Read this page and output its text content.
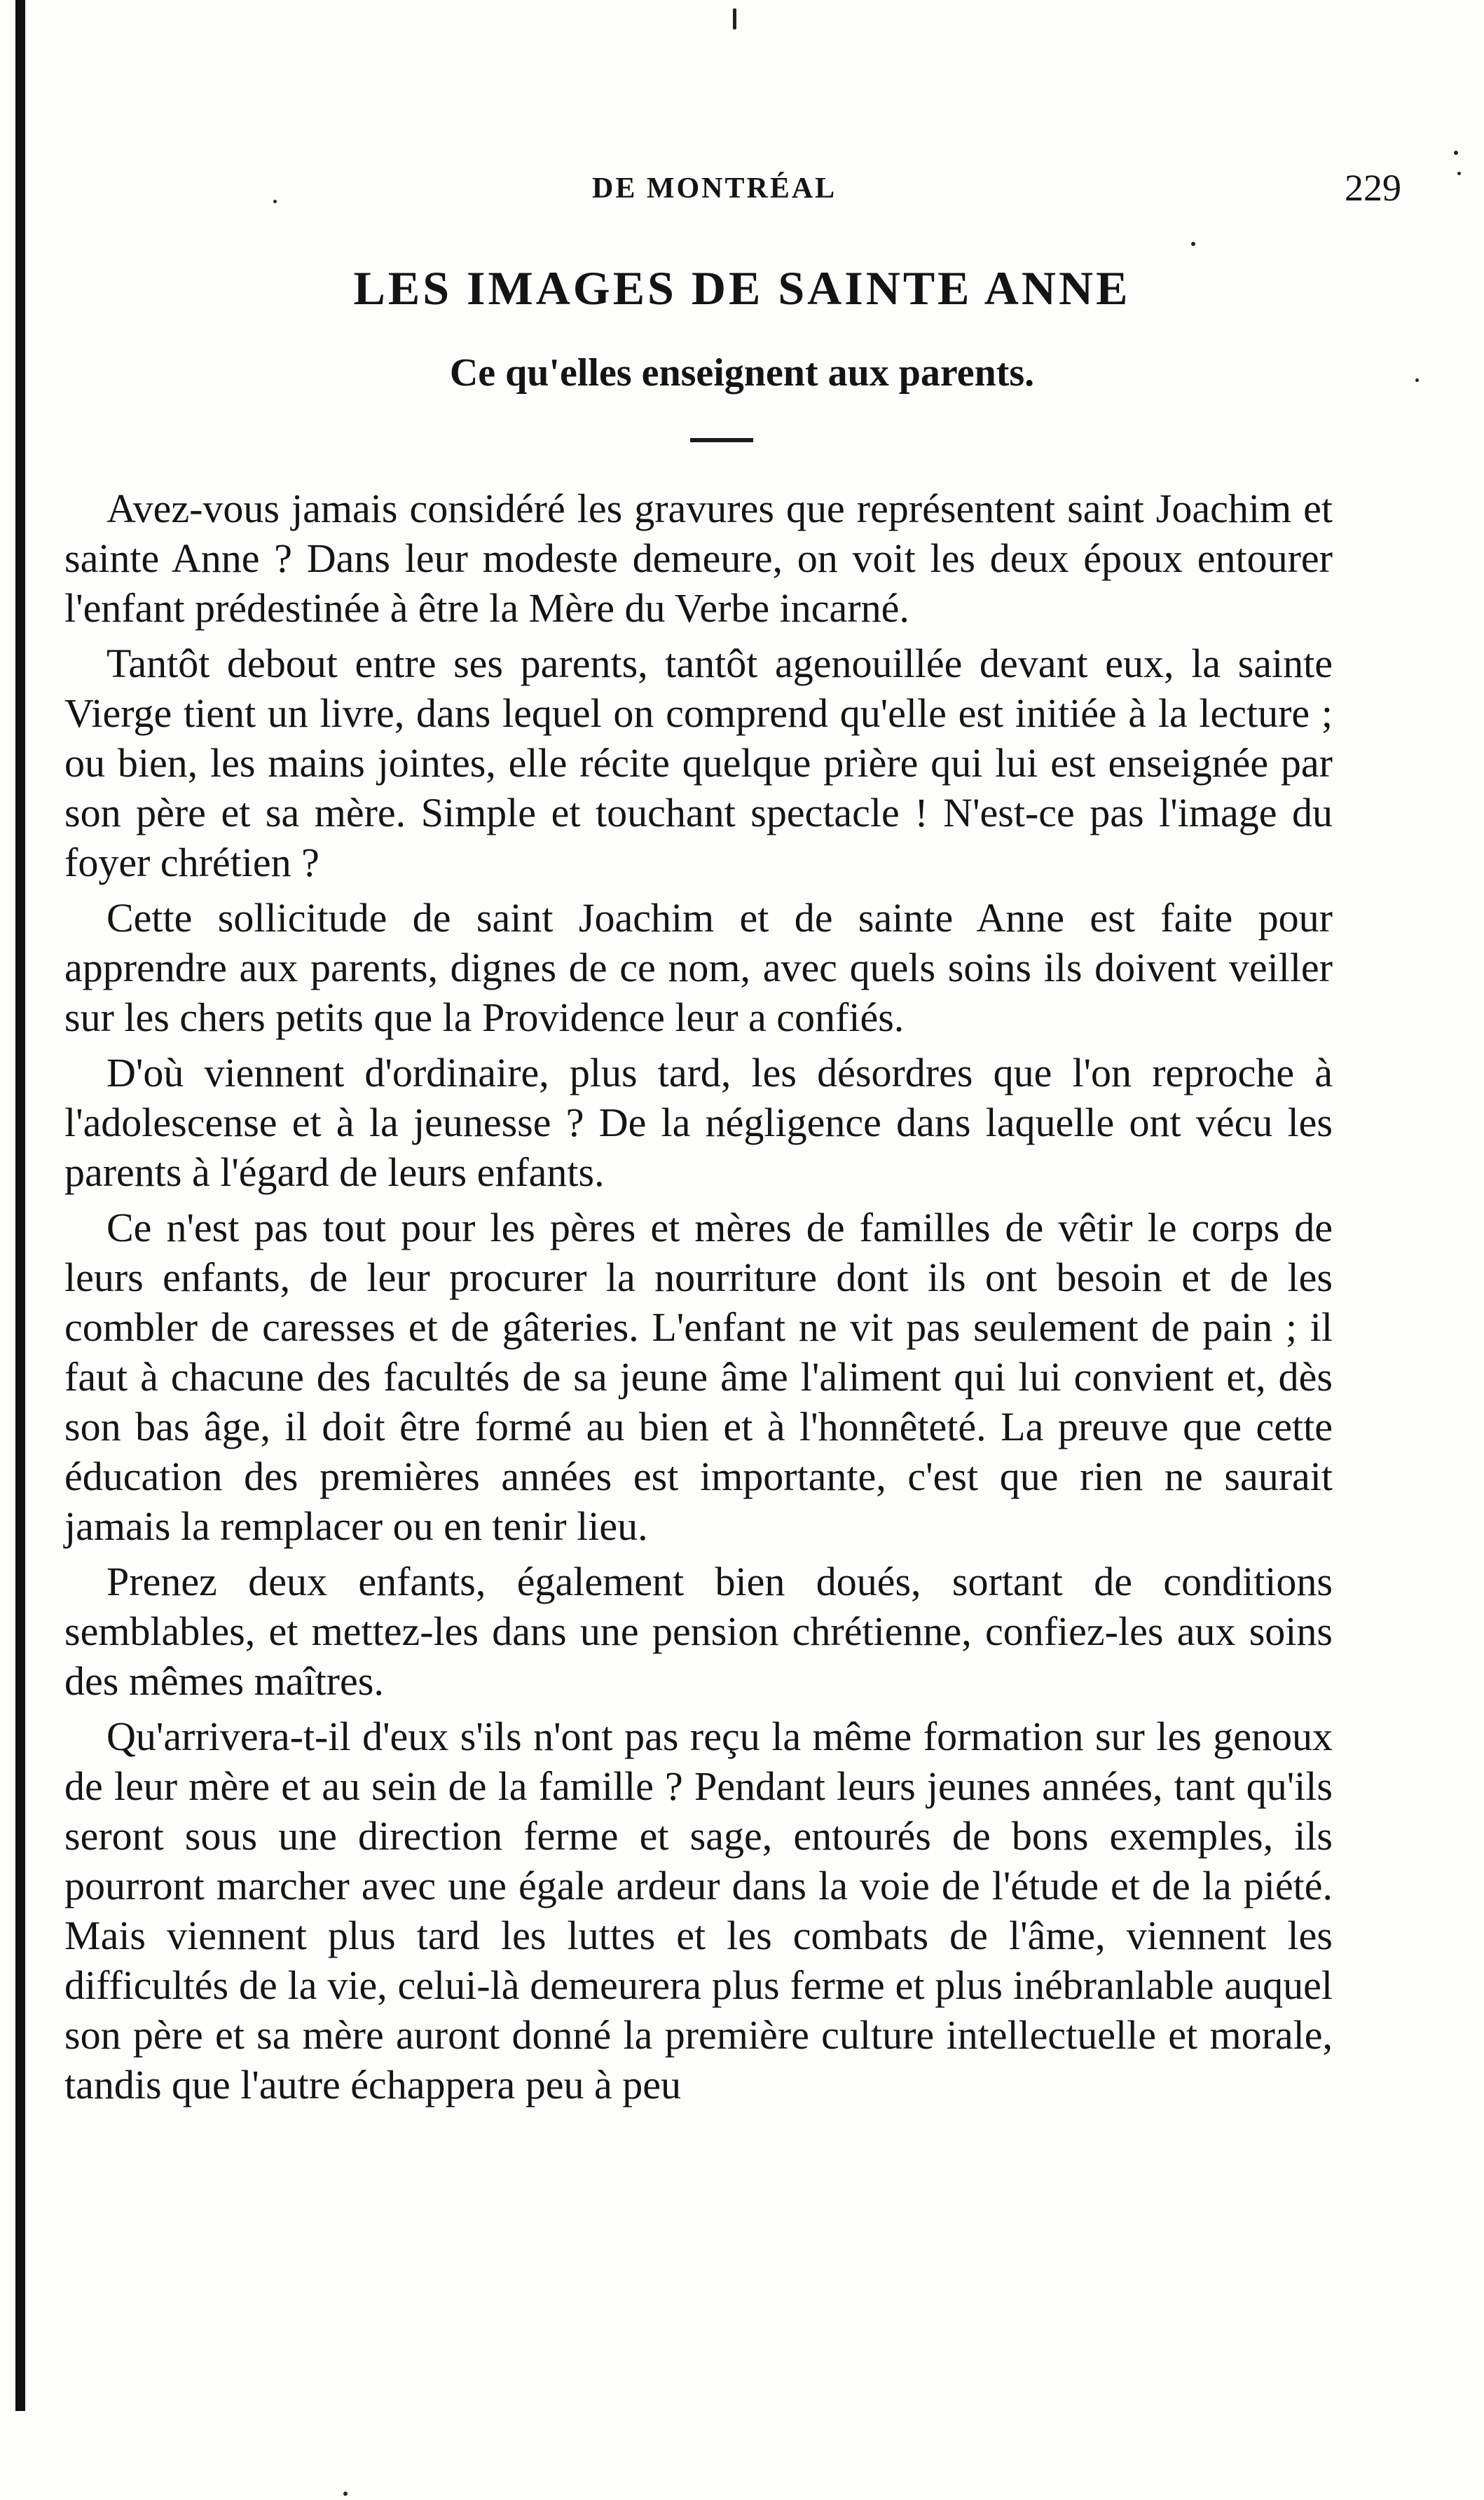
DE MONTRÉAL	229
LES IMAGES DE SAINTE ANNE
Ce qu'elles enseignent aux parents.

Avez-vous jamais considéré les gravures que représentent saint Joachim et sainte Anne ? Dans leur modeste demeure, on voit les deux époux entourer l'enfant prédestinée à être la Mère du Verbe incarné.

Tantôt debout entre ses parents, tantôt agenouillée devant eux, la sainte Vierge tient un livre, dans lequel on comprend qu'elle est initiée à la lecture ; ou bien, les mains jointes, elle récite quelque prière qui lui est enseignée par son père et sa mère. Simple et touchant spectacle ! N'est-ce pas l'image du foyer chrétien ?

Cette sollicitude de saint Joachim et de sainte Anne est faite pour apprendre aux parents, dignes de ce nom, avec quels soins ils doivent veiller sur les chers petits que la Providence leur a confiés.

D'où viennent d'ordinaire, plus tard, les désordres que l'on reproche à l'adolescense et à la jeunesse ? De la négligence dans laquelle ont vécu les parents à l'égard de leurs enfants.

Ce n'est pas tout pour les pères et mères de familles de vêtir le corps de leurs enfants, de leur procurer la nourriture dont ils ont besoin et de les combler de caresses et de gâteries. L'enfant ne vit pas seulement de pain ; il faut à chacune des facultés de sa jeune âme l'aliment qui lui convient et, dès son bas âge, il doit être formé au bien et à l'honnêteté. La preuve que cette éducation des premières années est importante, c'est que rien ne saurait jamais la remplacer ou en tenir lieu.

Prenez deux enfants, également bien doués, sortant de conditions semblables, et mettez-les dans une pension chrétienne, confiez-les aux soins des mêmes maîtres.

Qu'arrivera-t-il d'eux s'ils n'ont pas reçu la même formation sur les genoux de leur mère et au sein de la famille ? Pendant leurs jeunes années, tant qu'ils seront sous une direction ferme et sage, entourés de bons exemples, ils pourront marcher avec une égale ardeur dans la voie de l'étude et de la piété. Mais viennent plus tard les luttes et les combats de l'âme, viennent les difficultés de la vie, celui-là demeurera plus ferme et plus inébranlable auquel son père et sa mère auront donné la première culture intellectuelle et morale, tandis que l'autre échappera peu à peu
